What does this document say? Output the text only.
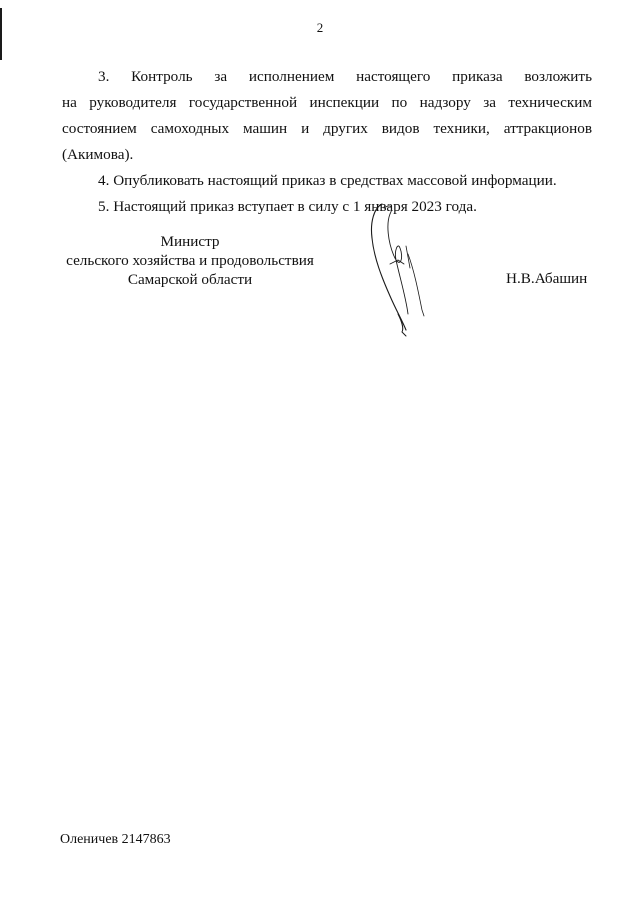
2

3. Контроль за исполнением настоящего приказа возложить

на руководителя государственной инспекции по надзору за техническим состоянием самоходных машин и других видов техники, аттракционов (Акимова).

4. Опубликовать настоящий приказ в средствах массовой информации.

5. Настоящий приказ вступает в силу с 1 января 2023 года.

Министр
сельского хозяйства и продовольствия
Самарской области	Н.В.Абашин
Оленичев 2147863
